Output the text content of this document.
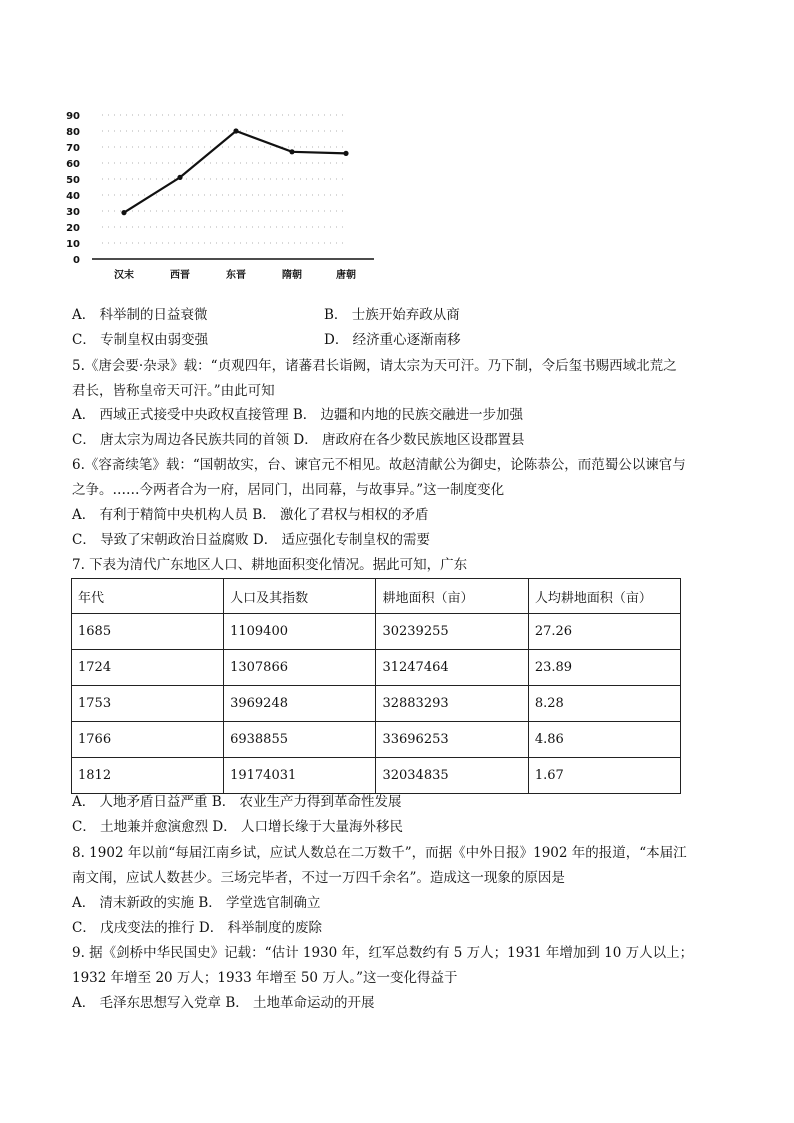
0
10
20
30
40
50
60
70
80
90
汉末	西晋	东晋	隋朝	唐朝
A． 科举制的日益衰微	B． 士族开始弃政从商
C． 专制皇权由弱变强	D． 经济重心逐渐南移
5.《唐会要·杂录》载：“贞观四年，诸蕃君长诣阙，请太宗为天可汗。乃下制，令后玺书赐西域北荒之
君长，皆称皇帝天可汗。”由此可知
A． 西域正式接受中央政权直接管理 B． 边疆和内地的民族交融进一步加强
C． 唐太宗为周边各民族共同的首领 D． 唐政府在各少数民族地区设郡置县
6.《容斋续笔》载：“国朝故实，台、谏官元不相见。故赵清献公为御史，论陈恭公，而范蜀公以谏官与
之争。……今两者合为一府，居同门，出同幕，与故事异。”这一制度变化
A． 有利于精简中央机构人员 B． 激化了君权与相权的矛盾
C． 导致了宋朝政治日益腐败 D． 适应强化专制皇权的需要
7. 下表为清代广东地区人口、耕地面积变化情况。据此可知，广东
年代	人口及其指数	耕地面积（亩）	人均耕地面积（亩）
1685	1109400	30239255	27.26
1724	1307866	31247464	23.89
1753	3969248	32883293	8.28
1766	6938855	33696253	4.86
1812	19174031	32034835	1.67
A． 人地矛盾日益严重 B． 农业生产力得到革命性发展
C． 土地兼并愈演愈烈 D． 人口增长缘于大量海外移民
8. 1902 年以前“每届江南乡试，应试人数总在二万数千”，而据《中外日报》1902 年的报道，“本届江
南文闱，应试人数甚少。三场完毕者，不过一万四千余名”。造成这一现象的原因是
A． 清末新政的实施 B． 学堂选官制确立
C． 戊戌变法的推行 D． 科举制度的废除
9. 据《剑桥中华民国史》记载：“估计 1930 年，红军总数约有 5 万人；1931 年增加到 10 万人以上；
1932 年增至 20 万人；1933 年增至 50 万人。”这一变化得益于
A． 毛泽东思想写入党章 B． 土地革命运动的开展
